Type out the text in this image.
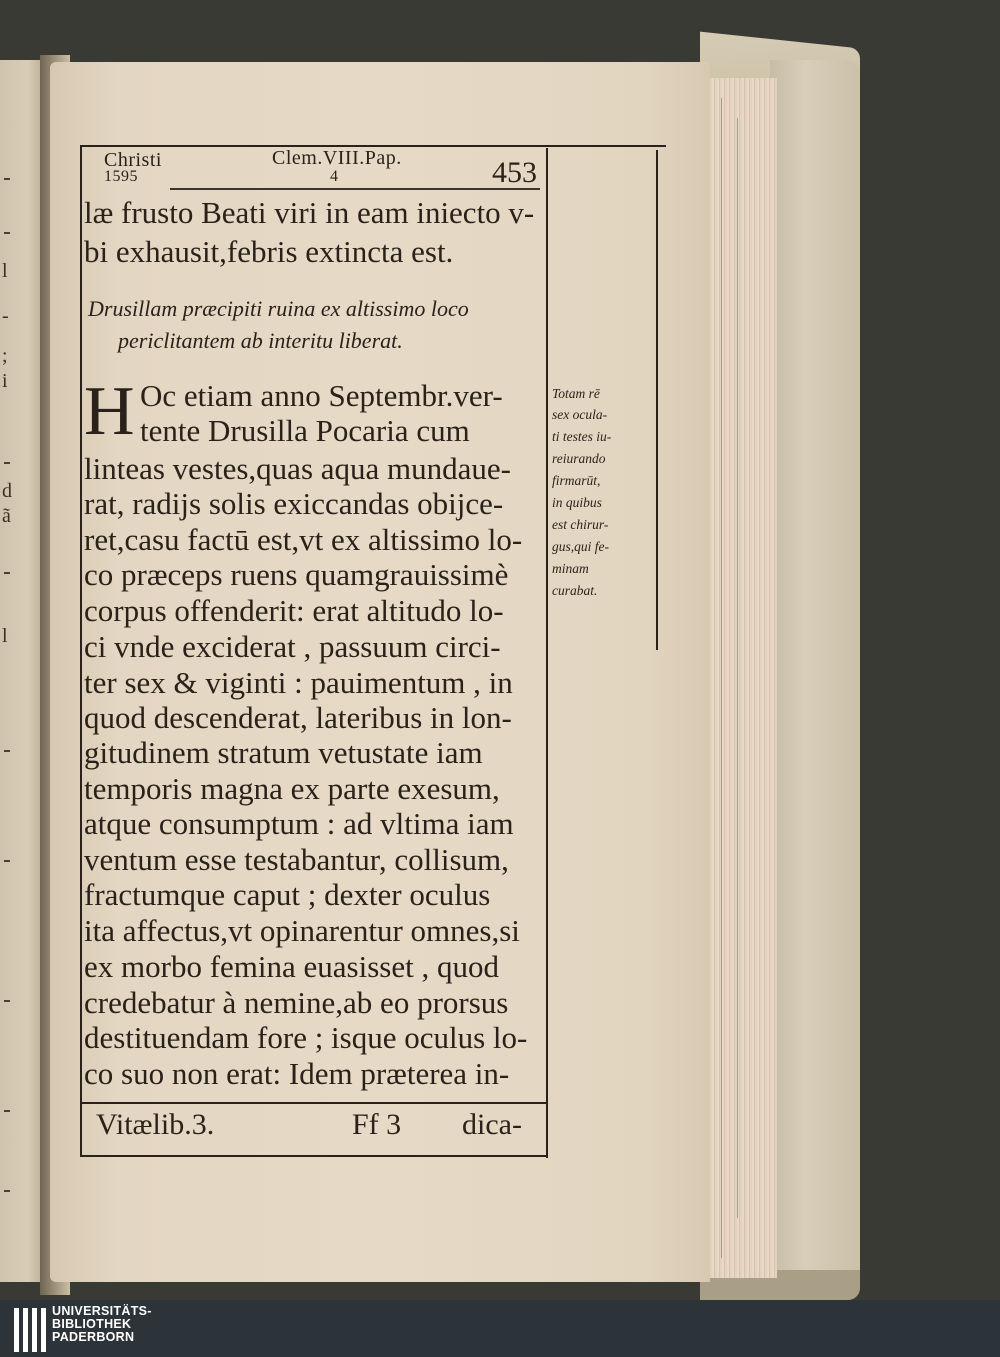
l
-
;
i
d
ã
l
Christi
1595
Clem.VIII.Pap.
4	453
læ frusto Beati viri in eam iniecto v-
bi exhausit,febris extincta est.
Drusillam præcipiti ruina ex altissimo loco
periclitantem ab interitu liberat.
H Oc etiam anno Septembr.ver-
tente Drusilla Pocaria cum
linteas vestes,quas aqua mundaue-
rat, radijs solis exiccandas obijce-
ret,casu factū est,vt ex altissimo lo-
co præceps ruens quamgrauissimè
corpus offenderit: erat altitudo lo-
ci vnde exciderat , passuum circi-
ter sex & viginti : pauimentum , in
quod descenderat, lateribus in lon-
gitudinem stratum vetustate iam
temporis magna ex parte exesum,
atque consumptum : ad vltima iam
ventum esse testabantur, collisum,
fractumque caput ; dexter oculus
ita affectus,vt opinarentur omnes,si
ex morbo femina euasisset , quod
credebatur à nemine,ab eo prorsus
destituendam fore ; isque oculus lo-
co suo non erat: Idem præterea in-
Totam rē
sex ocula-
ti testes iu-
reiurando
firmarūt,
in quibus
est chirur-
gus,qui fe-
minam
curabat.
Vitælib.3.	Ff 3 dica-
UNIVERSITÄTS-
BIBLIOTHEK
PADERBORN
